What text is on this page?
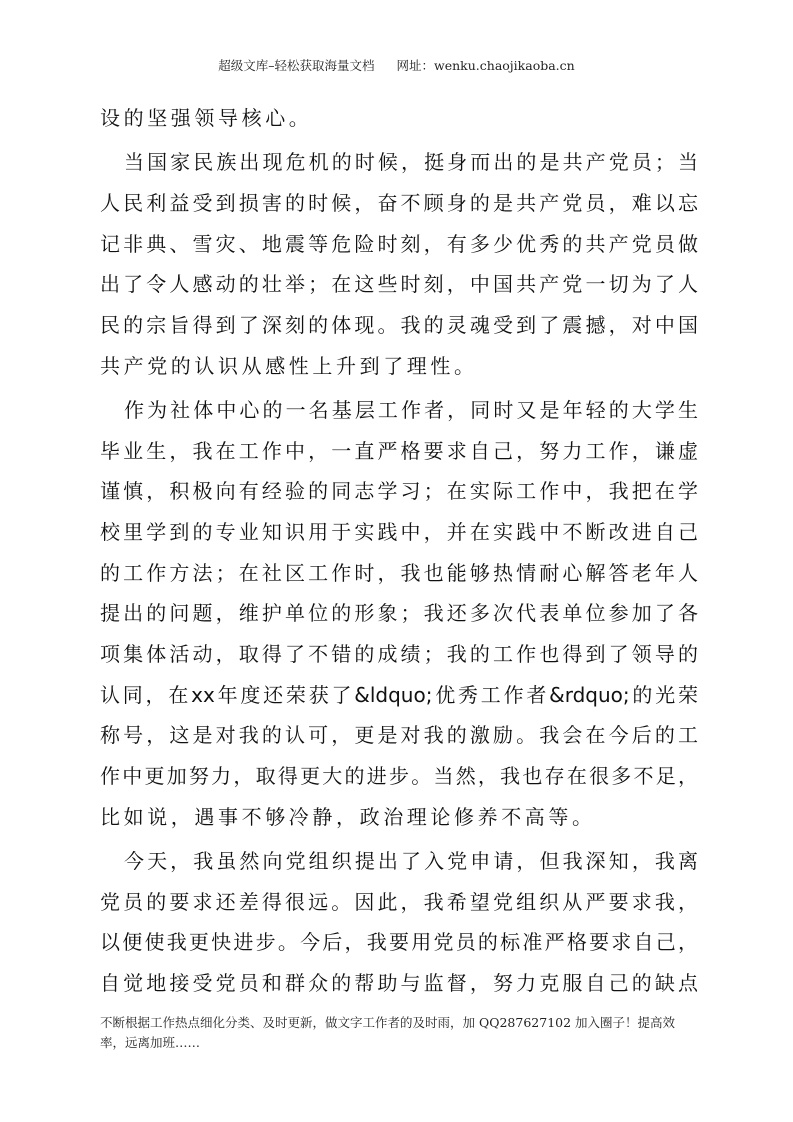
超级文库–轻松获取海量文档 网址：wenku.chaojikaoba.cn
设的坚强领导核心。
当国家民族出现危机的时候，挺身而出的是共产党员；当
人民利益受到损害的时候，奋不顾身的是共产党员，难以忘
记非典、雪灾、地震等危险时刻，有多少优秀的共产党员做
出了令人感动的壮举；在这些时刻，中国共产党一切为了人
民的宗旨得到了深刻的体现。我的灵魂受到了震撼，对中国
共产党的认识从感性上升到了理性。
作为社体中心的一名基层工作者，同时又是年轻的大学生
毕业生，我在工作中，一直严格要求自己，努力工作，谦虚
谨慎，积极向有经验的同志学习；在实际工作中，我把在学
校里学到的专业知识用于实践中，并在实践中不断改进自己
的工作方法；在社区工作时，我也能够热情耐心解答老年人
提出的问题，维护单位的形象；我还多次代表单位参加了各
项集体活动，取得了不错的成绩；我的工作也得到了领导的
认同，在xx年度还荣获了&ldquo;优秀工作者&rdquo;的光荣
称号，这是对我的认可，更是对我的激励。我会在今后的工
作中更加努力，取得更大的进步。当然，我也存在很多不足，
比如说，遇事不够冷静，政治理论修养不高等。
今天，我虽然向党组织提出了入党申请，但我深知，我离
党员的要求还差得很远。因此，我希望党组织从严要求我，
以便使我更快进步。今后，我要用党员的标准严格要求自己，
自觉地接受党员和群众的帮助与监督，努力克服自己的缺点
不断根据工作热点细化分类、及时更新，做文字工作者的及时雨，加 QQ287627102 加入圈子！提高效率，远离加班……
